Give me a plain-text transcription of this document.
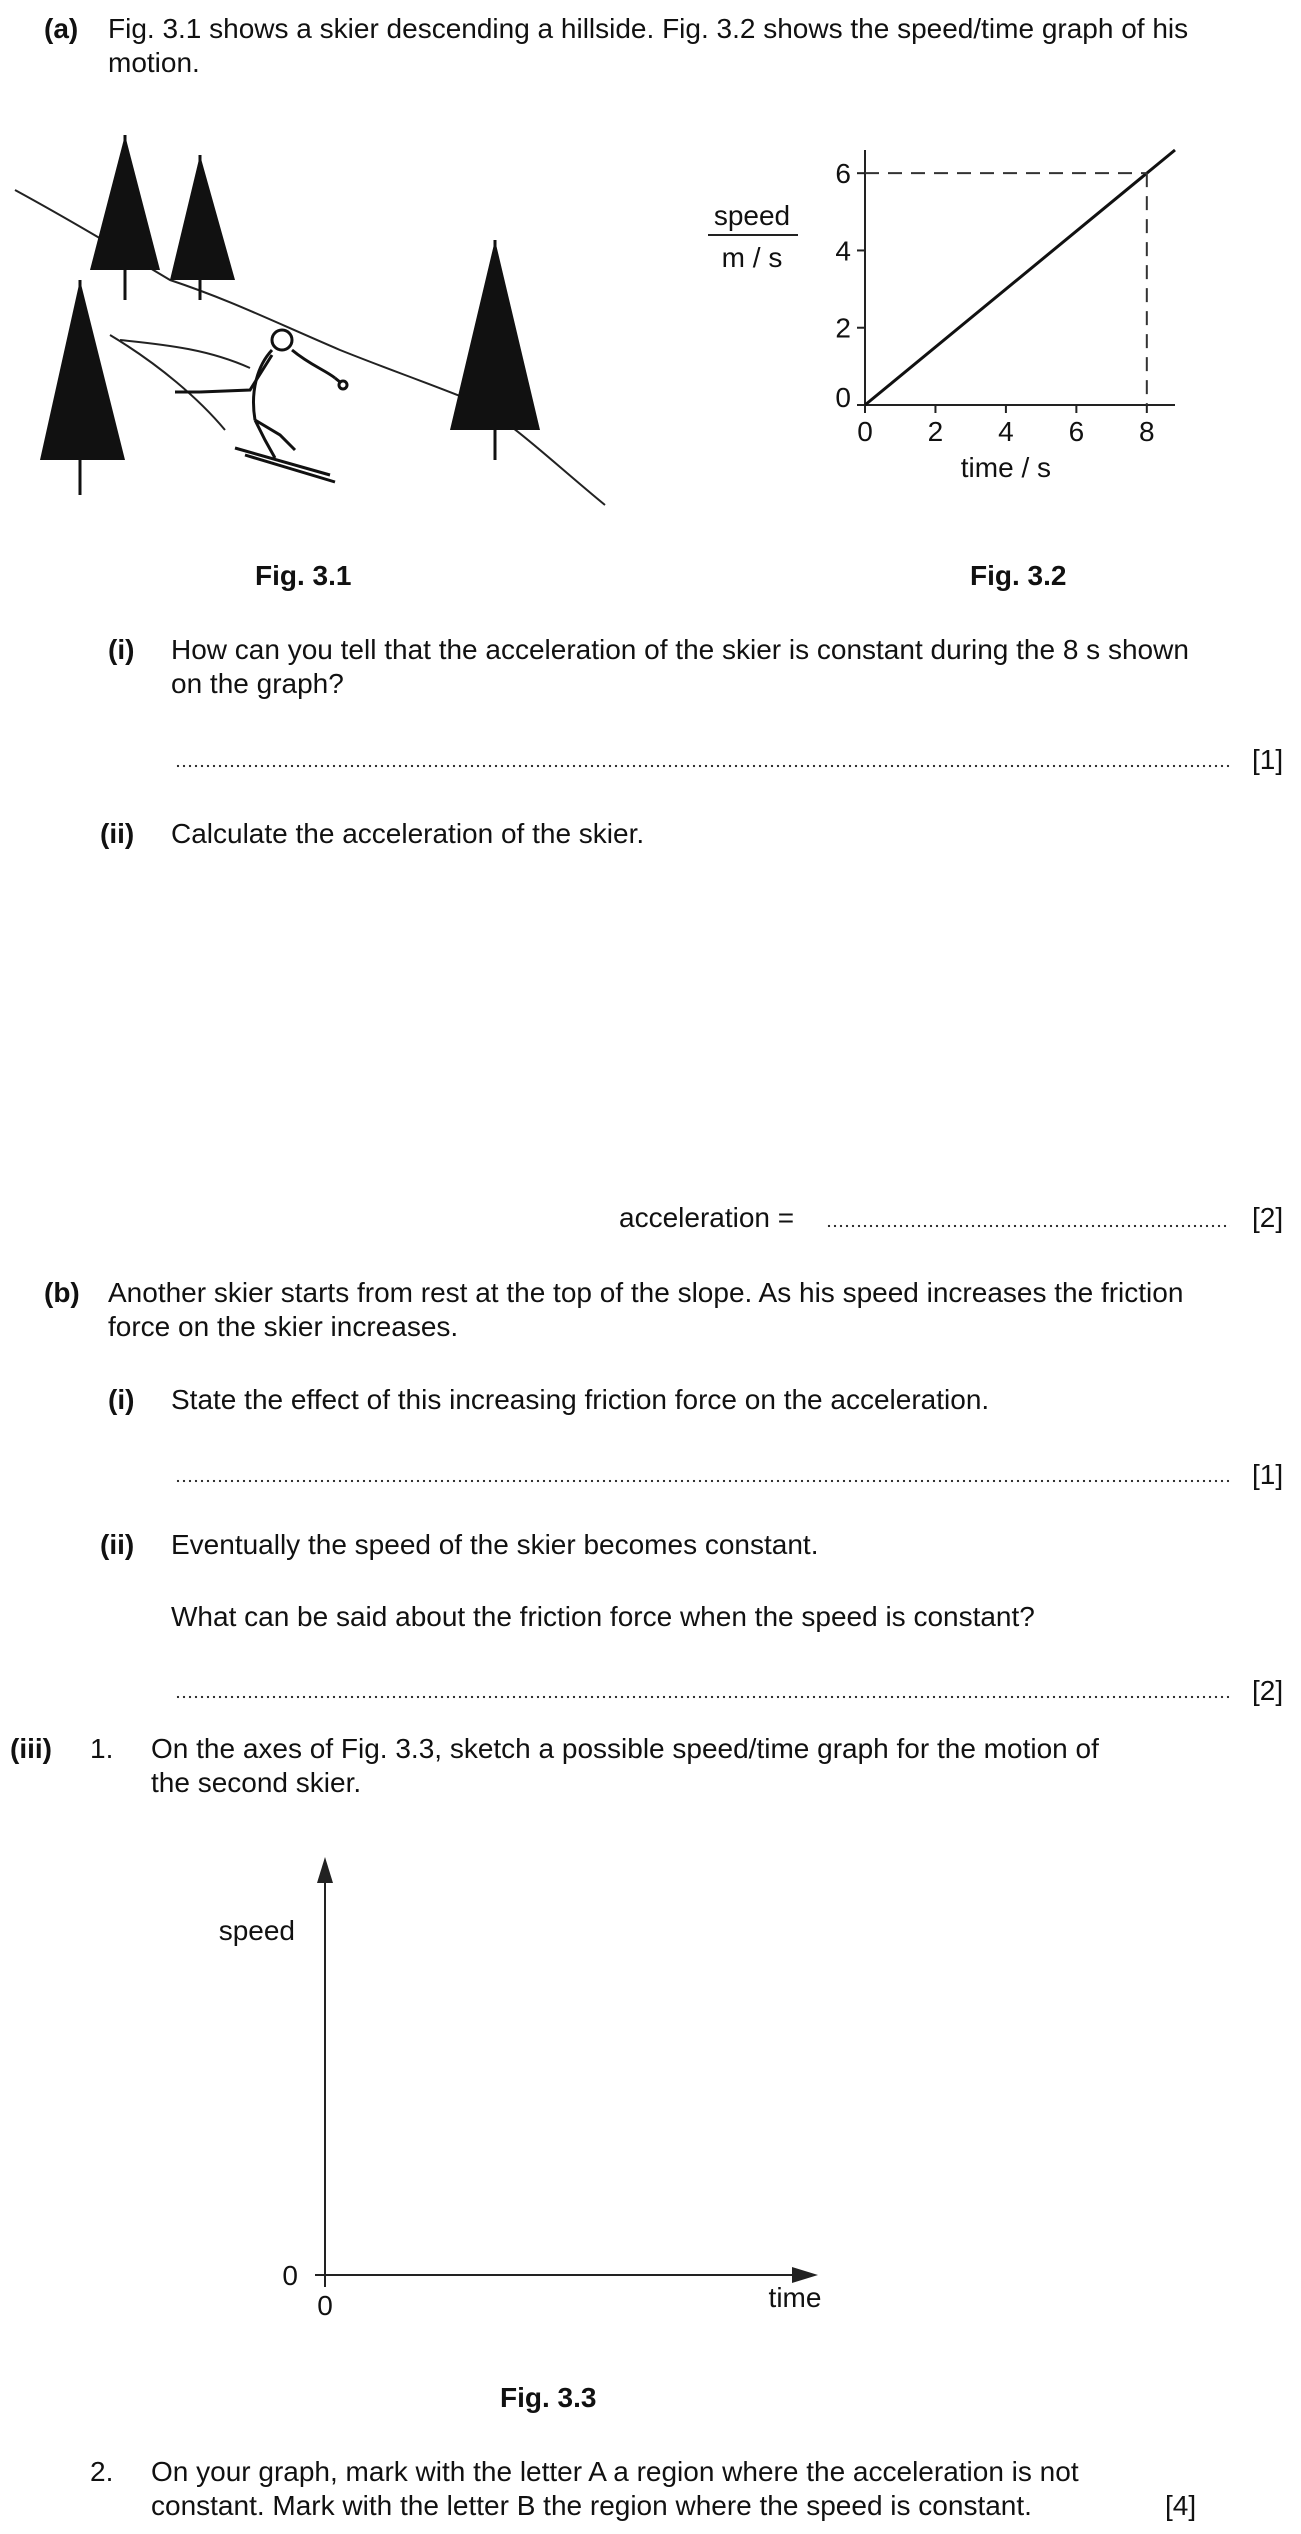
(a) Fig. 3.1 shows a skier descending a hillside. Fig. 3.2 shows the speed/time graph of his
motion.
0 2 4 6 8
0
2
4
6
speed
m / s
time / s
Fig. 3.1	Fig. 3.2
(i) How can you tell that the acceleration of the skier is constant during the 8 s shown
on the graph?
[1]
(ii) Calculate the acceleration of the skier.
acceleration =	[2]
(b) Another skier starts from rest at the top of the slope. As his speed increases the friction
force on the skier increases.
(i) State the effect of this increasing friction force on the acceleration.
[1]
(ii) Eventually the speed of the skier becomes constant.
What can be said about the friction force when the speed is constant?
[2]
(iii) 1. On the axes of Fig. 3.3, sketch a possible speed/time graph for the motion of
the second skier.
speed
time
0
0
Fig. 3.3
2. On your graph, mark with the letter A a region where the acceleration is not
constant. Mark with the letter B the region where the speed is constant.	[4]
